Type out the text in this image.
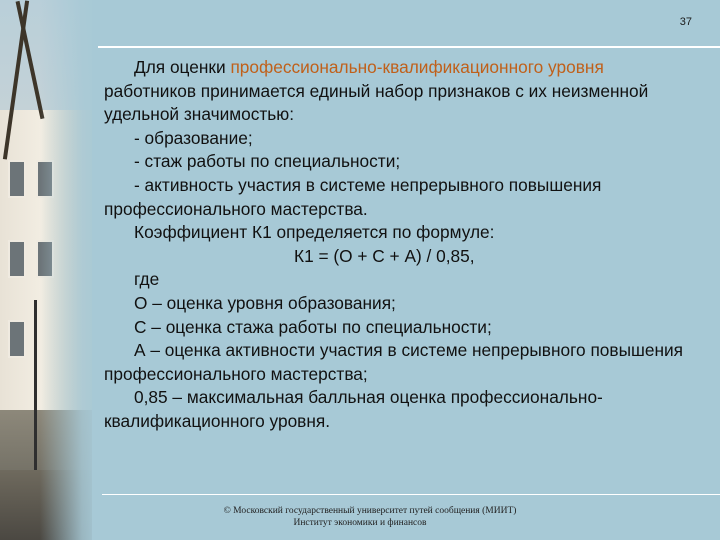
37

Для оценки профессионально-квалификационного уровня работников принимается единый набор признаков с их неизменной удельной значимостью:

- образование;

- стаж работы по специальности;

- активность участия в системе непрерывного повышения профессионального мастерства.

Коэффициент К1 определяется по формуле:

К1 = (О + С + А) / 0,85,

где

О – оценка уровня образования;

С – оценка стажа работы по специальности;

А – оценка активности участия в системе непрерывного повышения профессионального мастерства;

0,85 – максимальная балльная оценка профессионально-квалификационного уровня.

© Московский государственный университет путей сообщения (МИИТ)
Институт экономики и финансов
